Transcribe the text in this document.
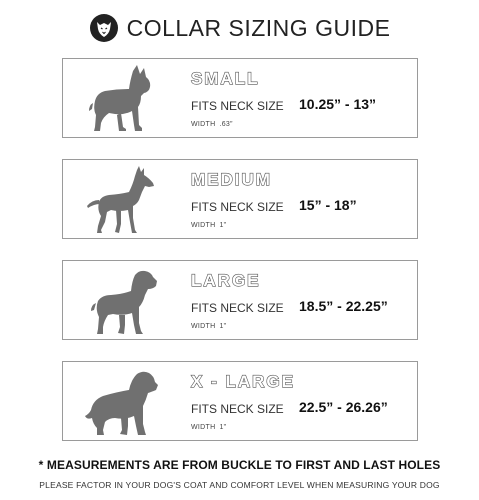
COLLAR SIZING GUIDE
SMALL
FITS NECK SIZE 10.25” - 13”
WIDTH .63”
MEDIUM
FITS NECK SIZE 15” - 18”
WIDTH 1”
LARGE
FITS NECK SIZE 18.5” - 22.25”
WIDTH 1”
X - LARGE
FITS NECK SIZE 22.5” - 26.26”
WIDTH 1”
* MEASUREMENTS ARE FROM BUCKLE TO FIRST AND LAST HOLES
PLEASE FACTOR IN YOUR DOG'S COAT AND COMFORT LEVEL WHEN MEASURING YOUR DOG
